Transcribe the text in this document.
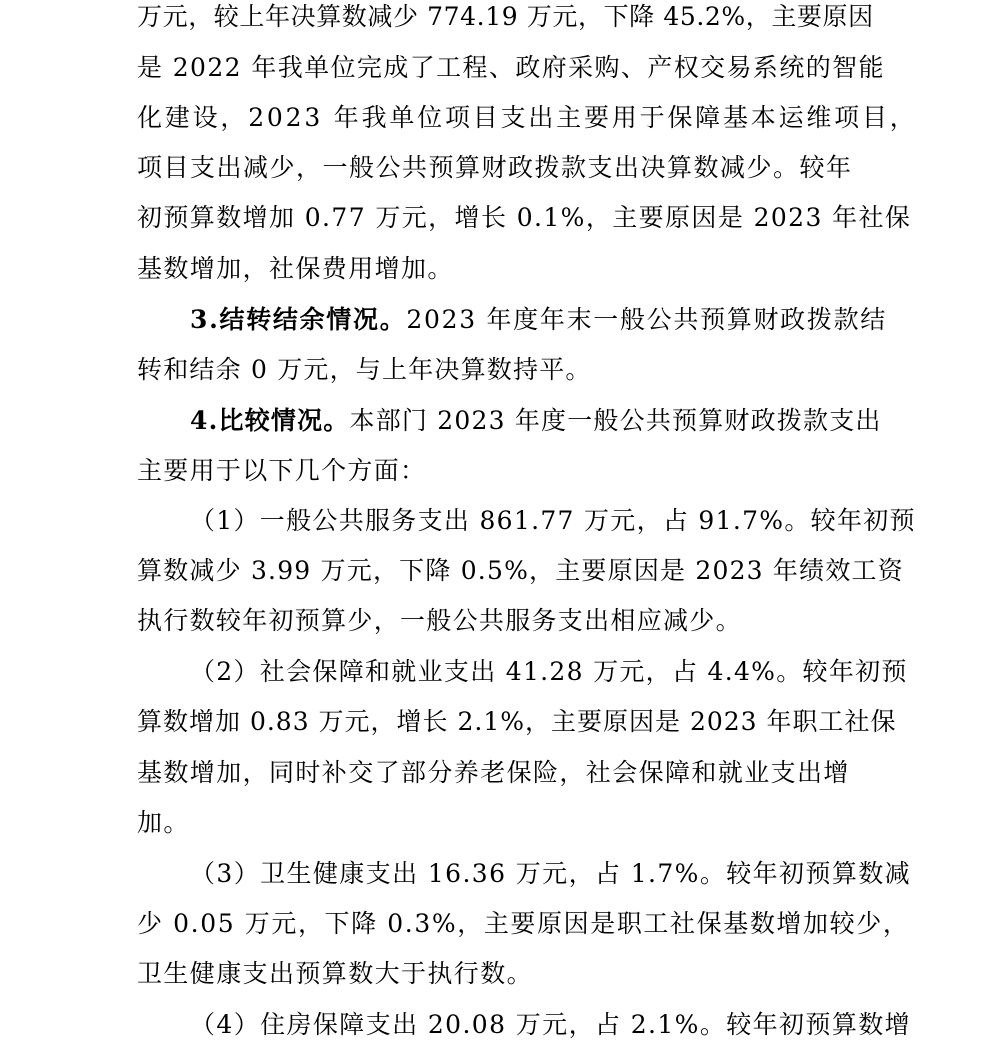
万元，较上年决算数减少 774.19 万元，下降 45.2%，主要原因
是 2022 年我单位完成了工程、政府采购、产权交易系统的智能
化建设，2023 年我单位项目支出主要用于保障基本运维项目，
项目支出减少，一般公共预算财政拨款支出决算数减少。较年
初预算数增加 0.77 万元，增长 0.1%，主要原因是 2023 年社保
基数增加，社保费用增加。
3.结转结余情况。2023 年度年末一般公共预算财政拨款结
转和结余 0 万元，与上年决算数持平。
4.比较情况。本部门 2023 年度一般公共预算财政拨款支出
主要用于以下几个方面：
（1）一般公共服务支出 861.77 万元，占 91.7%。较年初预
算数减少 3.99 万元，下降 0.5%，主要原因是 2023 年绩效工资
执行数较年初预算少，一般公共服务支出相应减少。
（2）社会保障和就业支出 41.28 万元，占 4.4%。较年初预
算数增加 0.83 万元，增长 2.1%，主要原因是 2023 年职工社保
基数增加，同时补交了部分养老保险，社会保障和就业支出增
加。
（3）卫生健康支出 16.36 万元，占 1.7%。较年初预算数减
少 0.05 万元，下降 0.3%，主要原因是职工社保基数增加较少，
卫生健康支出预算数大于执行数。
（4）住房保障支出 20.08 万元，占 2.1%。较年初预算数增
